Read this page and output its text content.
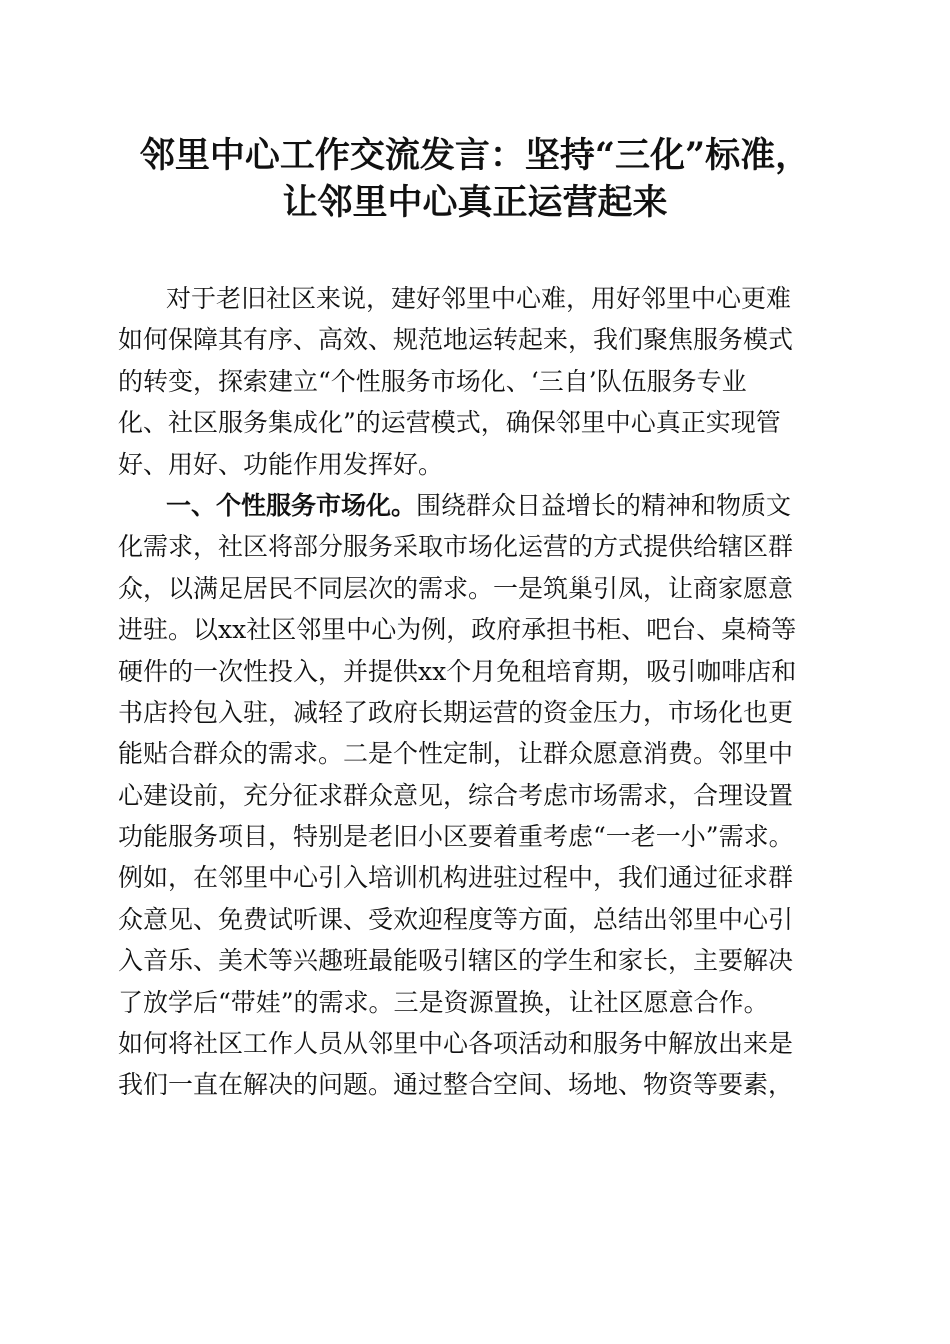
邻里中心工作交流发言：坚持“三化”标准，
让邻里中心真正运营起来
对于老旧社区来说，建好邻里中心难，用好邻里中心更难
如何保障其有序、高效、规范地运转起来，我们聚焦服务模式
的转变，探索建立“个性服务市场化、‘三自’队伍服务专业
化、社区服务集成化”的运营模式，确保邻里中心真正实现管
好、用好、功能作用发挥好。
一、个性服务市场化。围绕群众日益增长的精神和物质文
化需求，社区将部分服务采取市场化运营的方式提供给辖区群
众，以满足居民不同层次的需求。一是筑巢引凤，让商家愿意
进驻。以xx社区邻里中心为例，政府承担书柜、吧台、桌椅等
硬件的一次性投入，并提供xx个月免租培育期，吸引咖啡店和
书店拎包入驻，减轻了政府长期运营的资金压力，市场化也更
能贴合群众的需求。二是个性定制，让群众愿意消费。邻里中
心建设前，充分征求群众意见，综合考虑市场需求，合理设置
功能服务项目，特别是老旧小区要着重考虑“一老一小”需求。
例如，在邻里中心引入培训机构进驻过程中，我们通过征求群
众意见、免费试听课、受欢迎程度等方面，总结出邻里中心引
入音乐、美术等兴趣班最能吸引辖区的学生和家长，主要解决
了放学后“带娃”的需求。三是资源置换，让社区愿意合作。
如何将社区工作人员从邻里中心各项活动和服务中解放出来是
我们一直在解决的问题。通过整合空间、场地、物资等要素，
